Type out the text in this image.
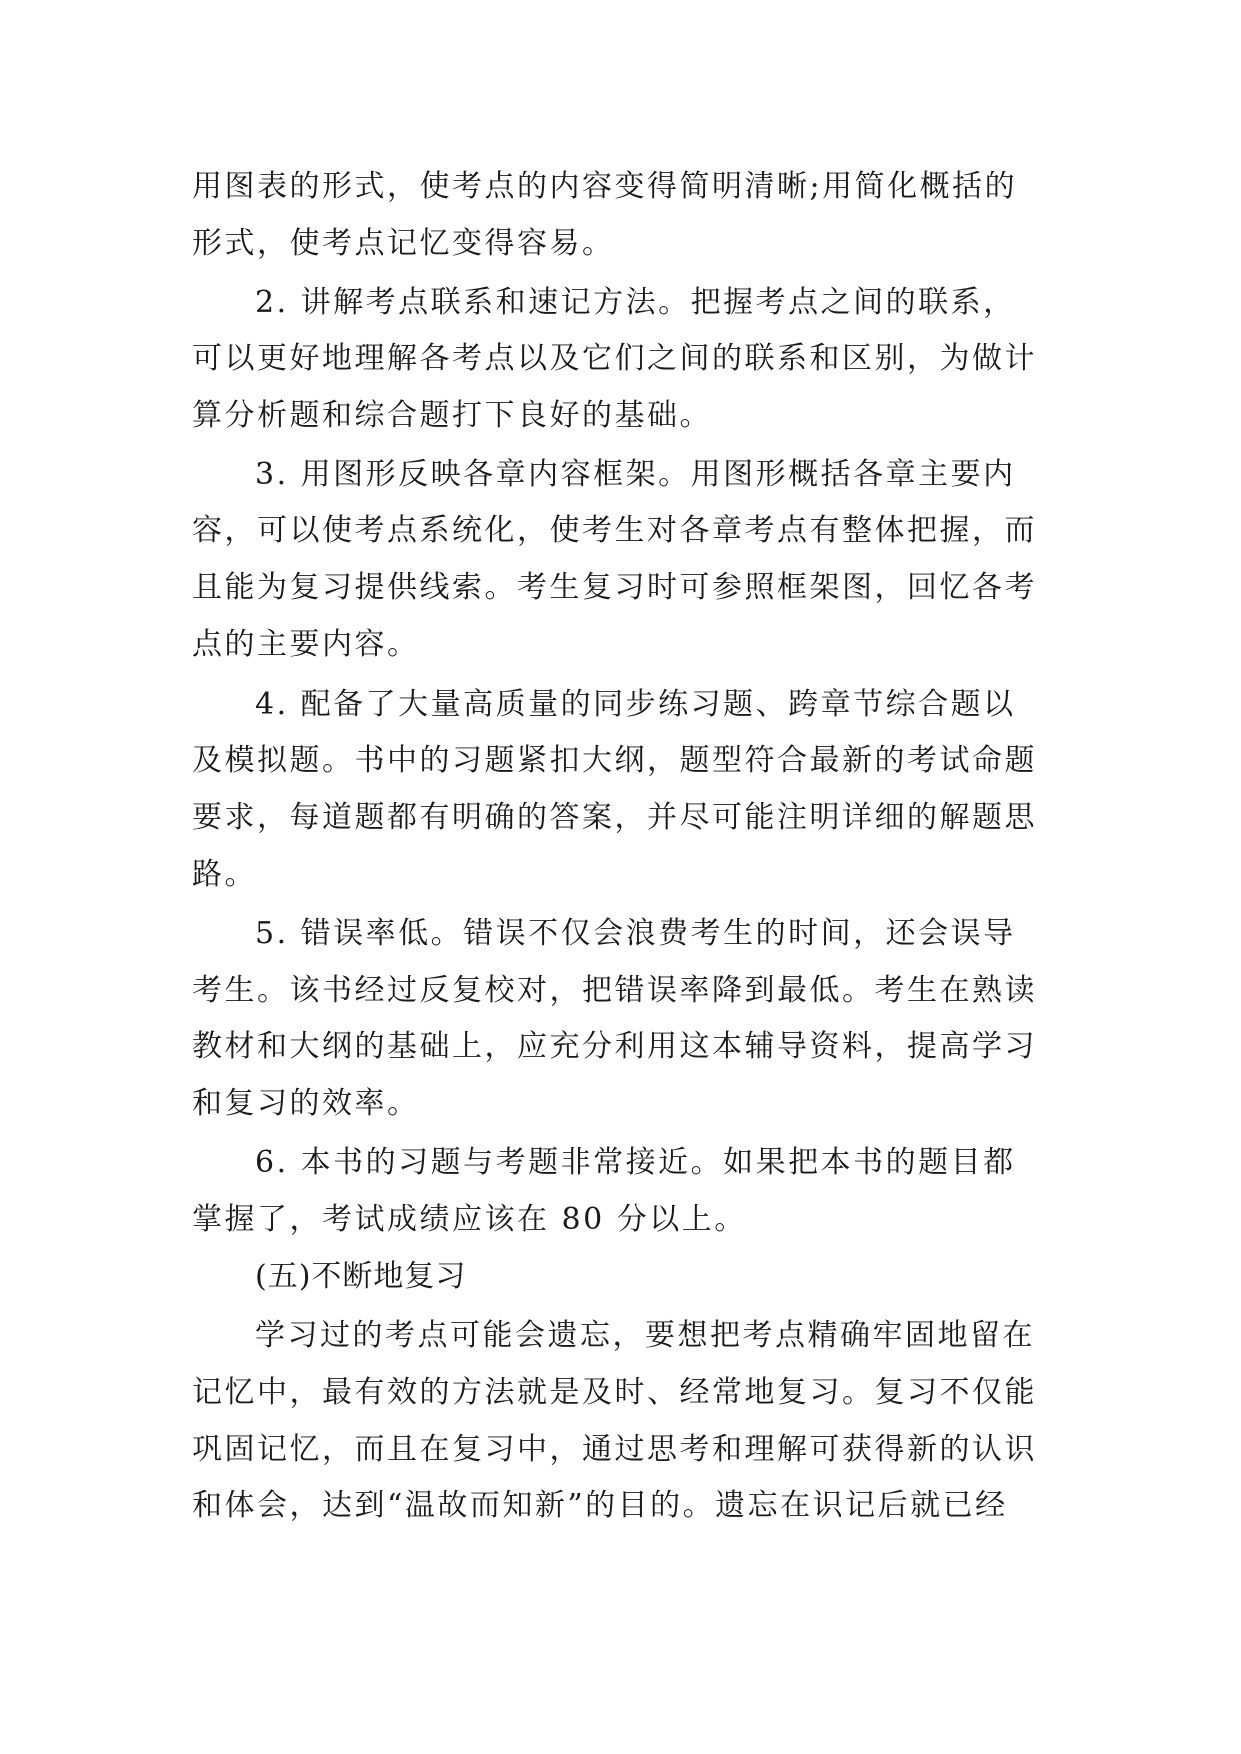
用图表的形式，使考点的内容变得简明清晰;用简化概括的
形式，使考点记忆变得容易。
2. 讲解考点联系和速记方法。把握考点之间的联系，
可以更好地理解各考点以及它们之间的联系和区别，为做计
算分析题和综合题打下良好的基础。
3. 用图形反映各章内容框架。用图形概括各章主要内
容，可以使考点系统化，使考生对各章考点有整体把握，而
且能为复习提供线索。考生复习时可参照框架图，回忆各考
点的主要内容。
4. 配备了大量高质量的同步练习题、跨章节综合题以
及模拟题。书中的习题紧扣大纲，题型符合最新的考试命题
要求，每道题都有明确的答案，并尽可能注明详细的解题思
路。
5. 错误率低。错误不仅会浪费考生的时间，还会误导
考生。该书经过反复校对，把错误率降到最低。考生在熟读
教材和大纲的基础上，应充分利用这本辅导资料，提高学习
和复习的效率。
6. 本书的习题与考题非常接近。如果把本书的题目都
掌握了，考试成绩应该在 80 分以上。
(五)不断地复习
学习过的考点可能会遗忘，要想把考点精确牢固地留在
记忆中，最有效的方法就是及时、经常地复习。复习不仅能
巩固记忆，而且在复习中，通过思考和理解可获得新的认识
和体会，达到“温故而知新”的目的。遗忘在识记后就已经
